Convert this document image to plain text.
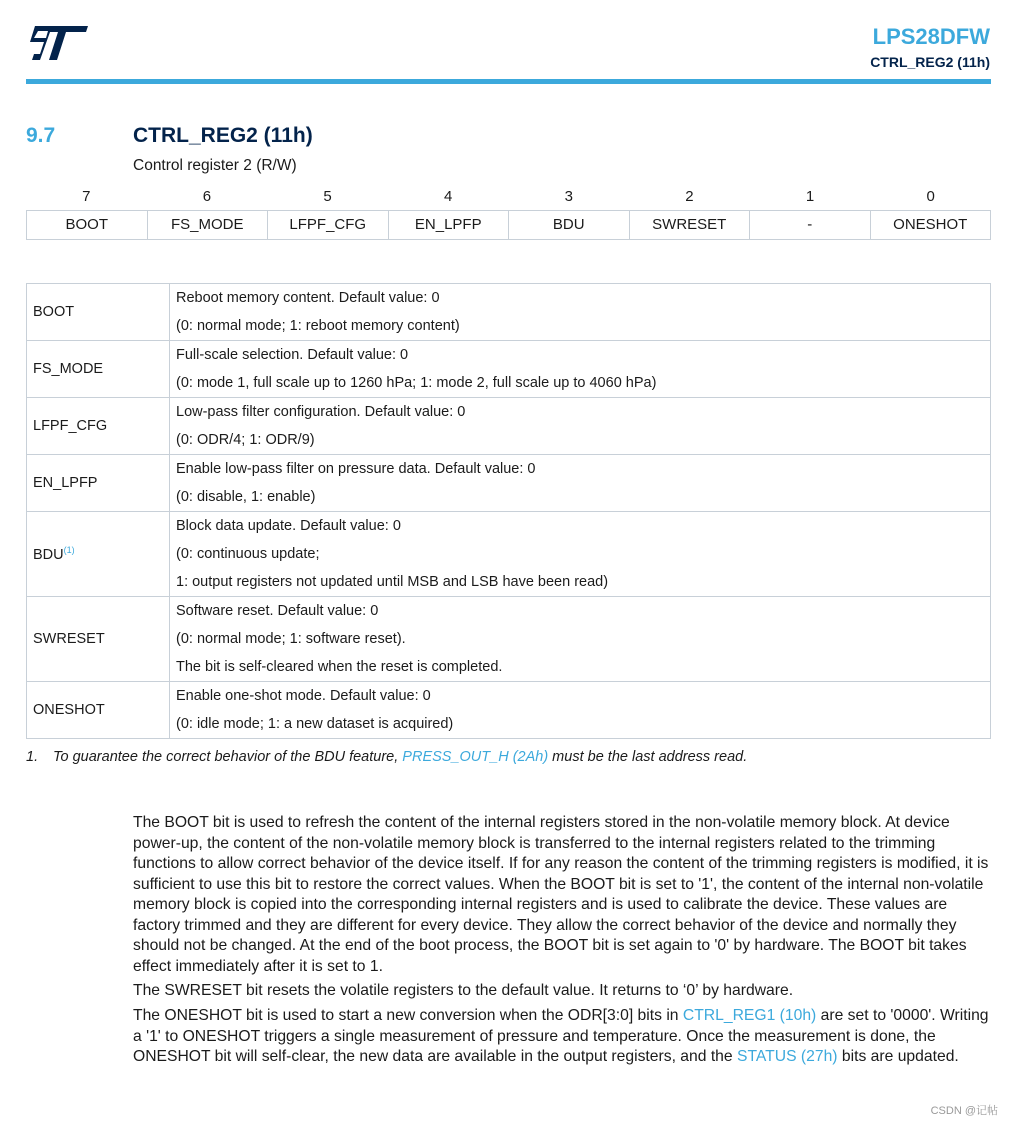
LPS28DFW
CTRL_REG2 (11h)
9.7	CTRL_REG2 (11h)
Control register 2 (R/W)
7	6	5	4	3	2	1	0
BOOT	FS_MODE	LFPF_CFG	EN_LPFP	BDU	SWRESET	-	ONESHOT
BOOT	Reboot memory content. Default value: 0
(0: normal mode; 1: reboot memory content)

FS_MODE	Full-scale selection. Default value: 0
(0: mode 1, full scale up to 1260 hPa; 1: mode 2, full scale up to 4060 hPa)

LFPF_CFG	Low-pass filter configuration. Default value: 0
(0: ODR/4; 1: ODR/9)

EN_LPFP	Enable low-pass filter on pressure data. Default value: 0
(0: disable, 1: enable)

BDU$^{(1)}$	Block data update. Default value: 0
(0: continuous update;
1: output registers not updated until MSB and LSB have been read)

SWRESET	Software reset. Default value: 0
(0: normal mode; 1: software reset).
The bit is self-cleared when the reset is completed.

ONESHOT	Enable one-shot mode. Default value: 0
(0: idle mode; 1: a new dataset is acquired)
1. To guarantee the correct behavior of the BDU feature, PRESS_OUT_H (2Ah) must be the last address read.
The BOOT bit is used to refresh the content of the internal registers stored in the non-volatile memory block. At device power-up, the content of the non-volatile memory block is transferred to the internal registers related to the trimming functions to allow correct behavior of the device itself. If for any reason the content of the trimming registers is modified, it is sufficient to use this bit to restore the correct values. When the BOOT bit is set to '1', the content of the internal non-volatile memory block is copied into the corresponding internal registers and is used to calibrate the device. These values are factory trimmed and they are different for every device. They allow the correct behavior of the device and normally they should not be changed. At the end of the boot process, the BOOT bit is set again to '0' by hardware. The BOOT bit takes effect immediately after it is set to 1.
The SWRESET bit resets the volatile registers to the default value. It returns to ‘0’ by hardware.
The ONESHOT bit is used to start a new conversion when the ODR[3:0] bits in CTRL_REG1 (10h) are set to '0000'. Writing a '1' to ONESHOT triggers a single measurement of pressure and temperature. Once the measurement is done, the ONESHOT bit will self-clear, the new data are available in the output registers, and the STATUS (27h) bits are updated.
CSDN @记帖
